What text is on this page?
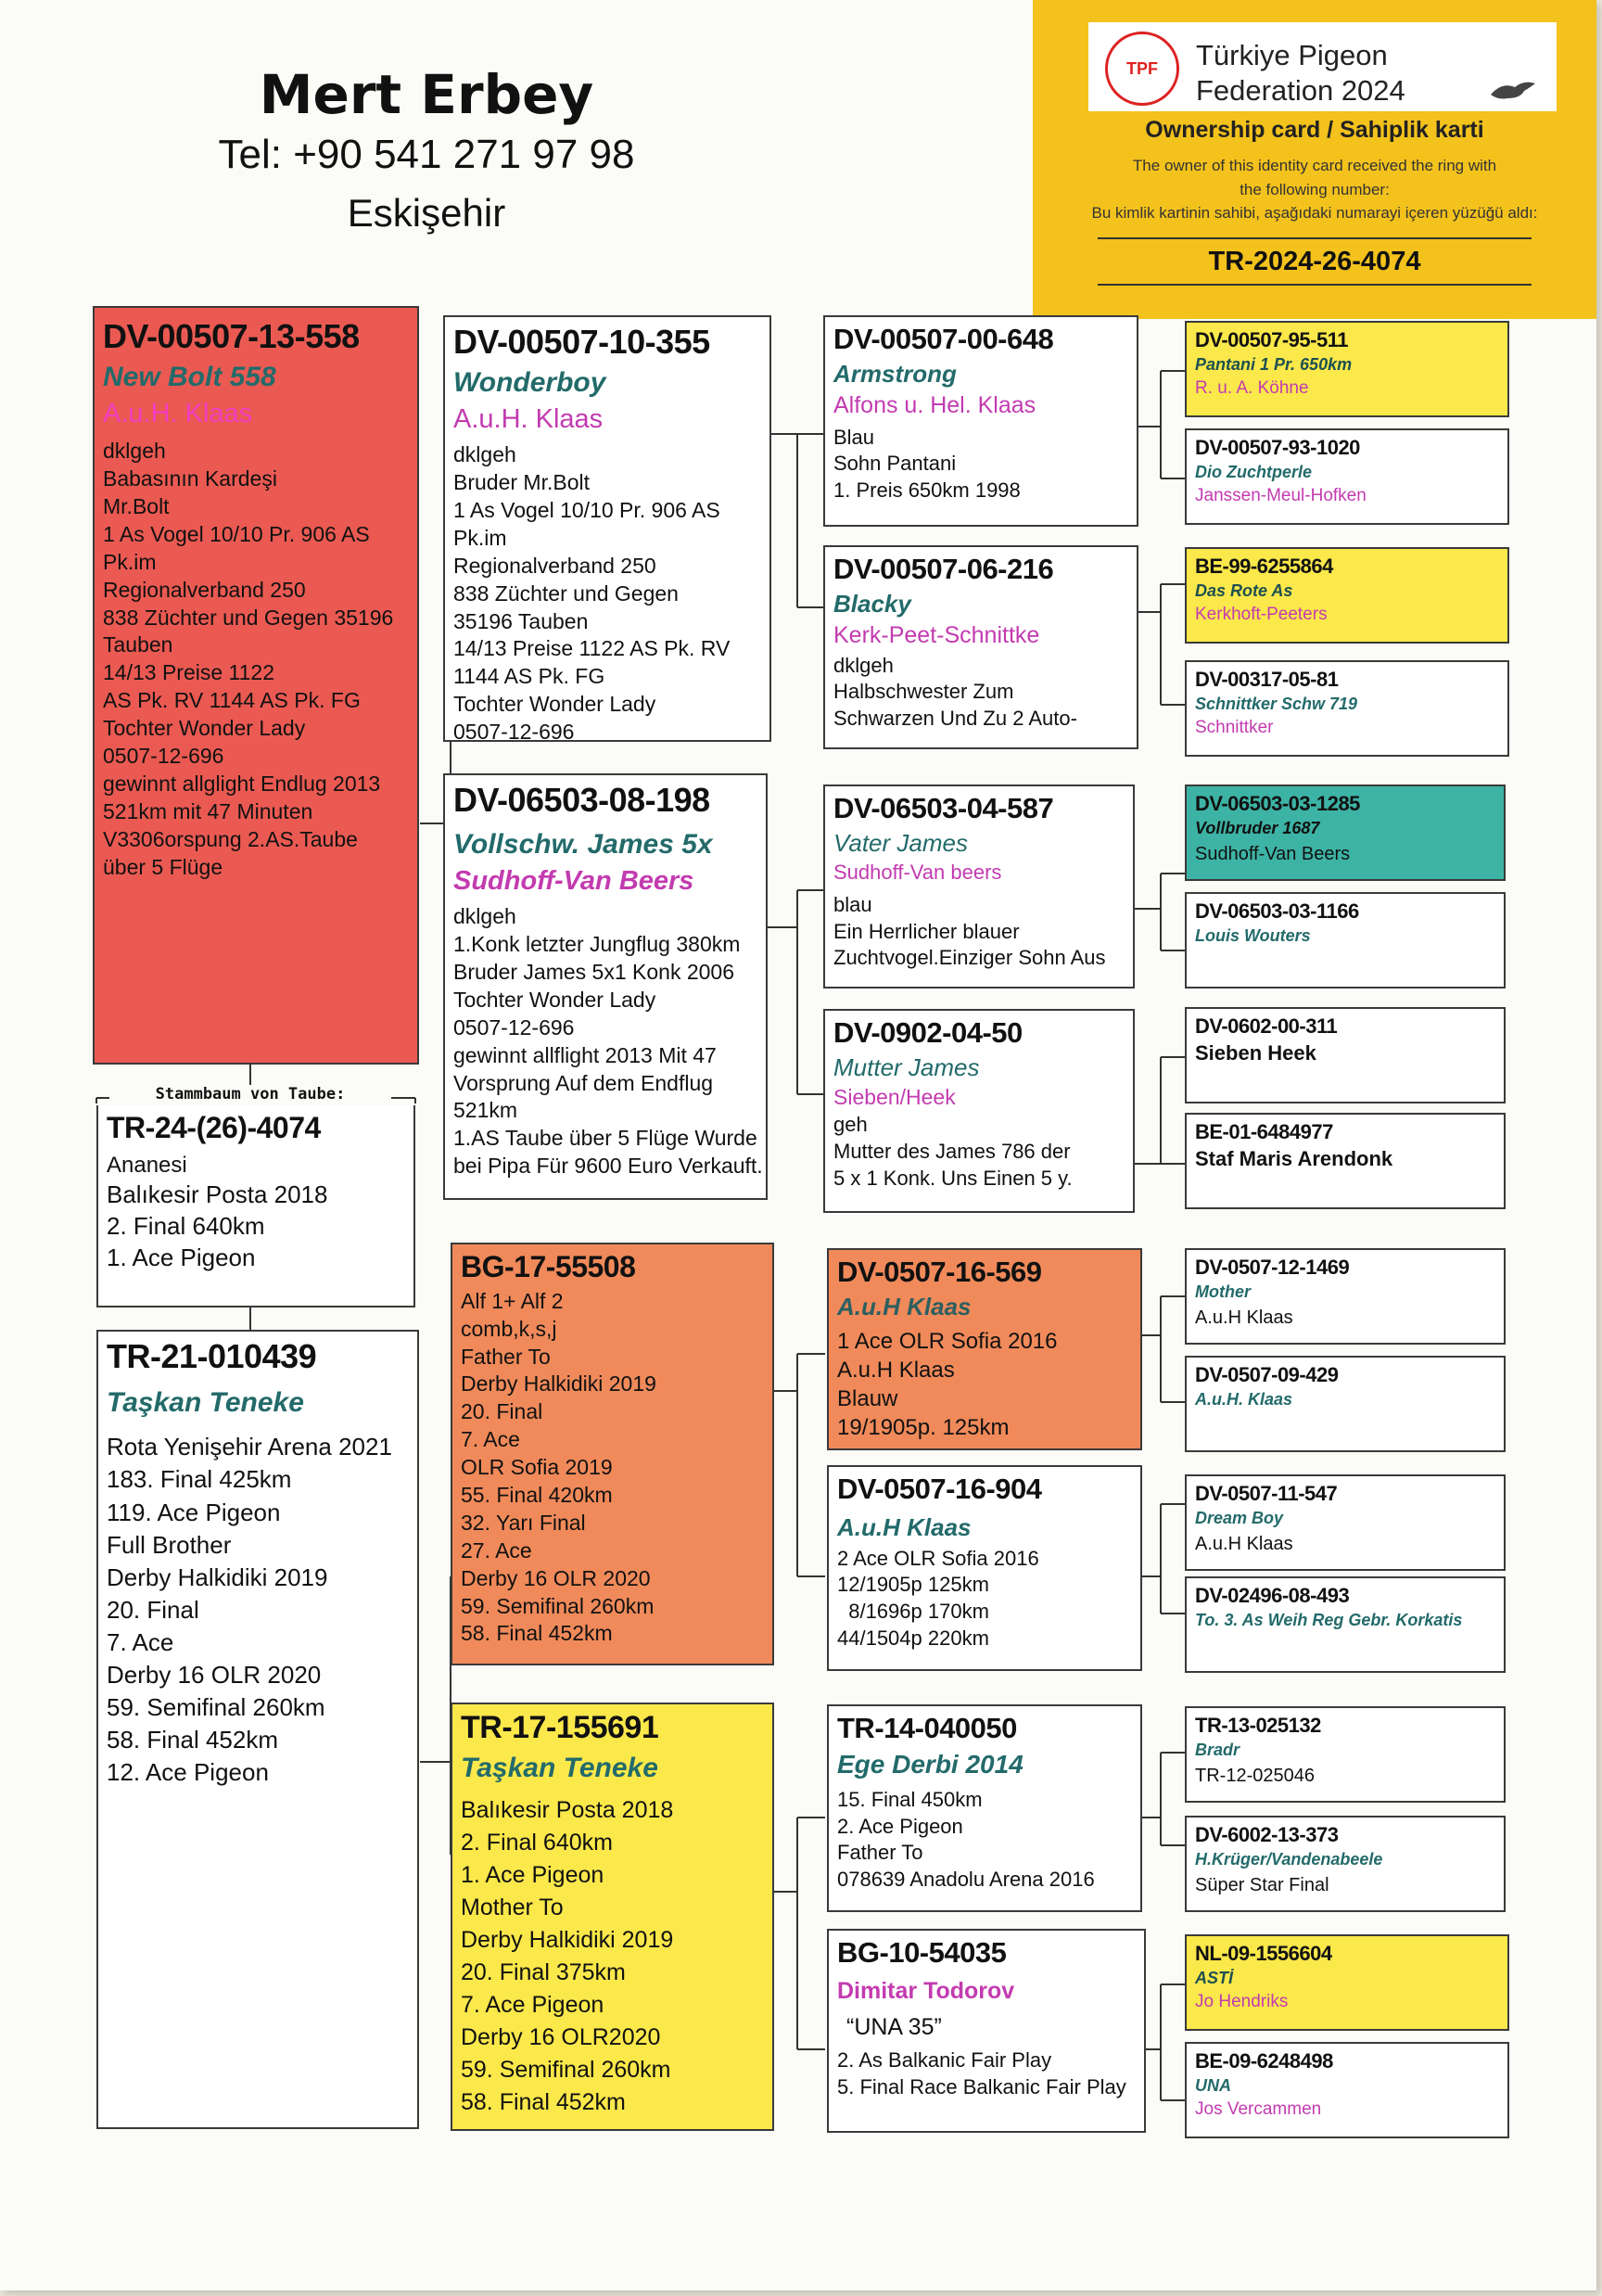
Mert Erbey
Tel: +90 541 271 97 98
Eskişehir
TPF Türkiye Pigeon
Federation 2024
Ownership card / Sahiplik karti
The owner of this identity card received the ring with
the following number:
Bu kimlik kartinin sahibi, aşağıdaki numarayi içeren yüzüğü aldı:
TR-2024-26-4074
DV-00507-13-558
New Bolt 558
A.u.H. Klaas
dklgeh
Babasının Kardeşi
Mr.Bolt
1 As Vogel 10/10 Pr. 906 AS Pk.im
Regionalverband 250
838 Züchter und Gegen 35196 Tauben
14/13 Preise 1122
AS Pk. RV 1144 AS Pk. FG
Tochter Wonder Lady
0507-12-696
gewinnt allglight Endlug 2013
521km mit 47 Minuten
V3306orspung 2.AS.Taube
über 5 Flüge
Stammbaum von Taube:
TR-24-(26)-4074
Ananesi
Balıkesir Posta 2018
2. Final 640km
1. Ace Pigeon
TR-21-010439
Taşkan Teneke
Rota Yenişehir Arena 2021
183. Final 425km
119. Ace Pigeon
Full Brother
Derby Halkidiki 2019
20. Final
7. Ace
Derby 16 OLR 2020
59. Semifinal 260km
58. Final 452km
12. Ace Pigeon
DV-00507-10-355
Wonderboy
A.u.H. Klaas
dklgeh
Bruder Mr.Bolt
1 As Vogel 10/10 Pr. 906 AS
Pk.im
Regionalverband 250
838 Züchter und Gegen
35196 Tauben
14/13 Preise 1122 AS Pk. RV
1144 AS Pk. FG
Tochter Wonder Lady
0507-12-696
DV-06503-08-198
Vollschw. James 5x
Sudhoff-Van Beers
dklgeh
1.Konk letzter Jungflug 380km
Bruder James 5x1 Konk 2006
Tochter Wonder Lady
0507-12-696
gewinnt allflight 2013 Mit 47
Vorsprung Auf dem Endflug
521km
1.AS Taube über 5 Flüge Wurde
bei Pipa Für 9600 Euro Verkauft.
BG-17-55508
Alf 1+ Alf 2
comb,k,s,j
Father To
Derby Halkidiki 2019
20. Final
7. Ace
OLR Sofia 2019
55. Final 420km
32. Yarı Final
27. Ace
Derby 16 OLR 2020
59. Semifinal 260km
58. Final 452km
TR-17-155691
Taşkan Teneke
Balıkesir Posta 2018
2. Final 640km
1. Ace Pigeon
Mother To
Derby Halkidiki 2019
20. Final 375km
7. Ace Pigeon
Derby 16 OLR2020
59. Semifinal 260km
58. Final 452km
DV-00507-00-648
Armstrong
Alfons u. Hel. Klaas
Blau
Sohn Pantani
1. Preis 650km 1998
DV-00507-06-216
Blacky
Kerk-Peet-Schnittke
dklgeh
Halbschwester Zum
Schwarzen Und Zu 2 Auto-
DV-06503-04-587
Vater James
Sudhoff-Van beers
blau
Ein Herrlicher blauer
Zuchtvogel.Einziger Sohn Aus
DV-0902-04-50
Mutter James
Sieben/Heek
geh
Mutter des James 786 der
5 x 1 Konk. Uns Einen 5 y.
DV-0507-16-569
A.u.H Klaas
1 Ace OLR Sofia 2016
A.u.H Klaas
Blauw
19/1905p. 125km
DV-0507-16-904
A.u.H Klaas
2 Ace OLR Sofia 2016
12/1905p 125km
8/1696p 170km
44/1504p 220km
TR-14-040050
Ege Derbi 2014
15. Final 450km
2. Ace Pigeon
Father To
078639 Anadolu Arena 2016
BG-10-54035
Dimitar Todorov
“UNA 35”
2. As Balkanic Fair Play
5. Final Race Balkanic Fair Play
DV-00507-95-511
Pantani 1 Pr. 650km
R. u. A. Köhne
DV-00507-93-1020
Dio Zuchtperle
Janssen-Meul-Hofken
BE-99-6255864
Das Rote As
Kerkhoft-Peeters
DV-00317-05-81
Schnittker Schw 719
Schnittker
DV-06503-03-1285
Vollbruder 1687
Sudhoff-Van Beers
DV-06503-03-1166
Louis Wouters
DV-0602-00-311
Sieben Heek
BE-01-6484977
Staf Maris Arendonk
DV-0507-12-1469
Mother
A.u.H Klaas
DV-0507-09-429
A.u.H. Klaas
DV-0507-11-547
Dream Boy
A.u.H Klaas
DV-02496-08-493
To. 3. As Weih Reg Gebr. Korkatis
TR-13-025132
Bradr
TR-12-025046
DV-6002-13-373
H.Krüger/Vandenabeele
Süper Star Final
NL-09-1556604
ASTİ
Jo Hendriks
BE-09-6248498
UNA
Jos Vercammen
